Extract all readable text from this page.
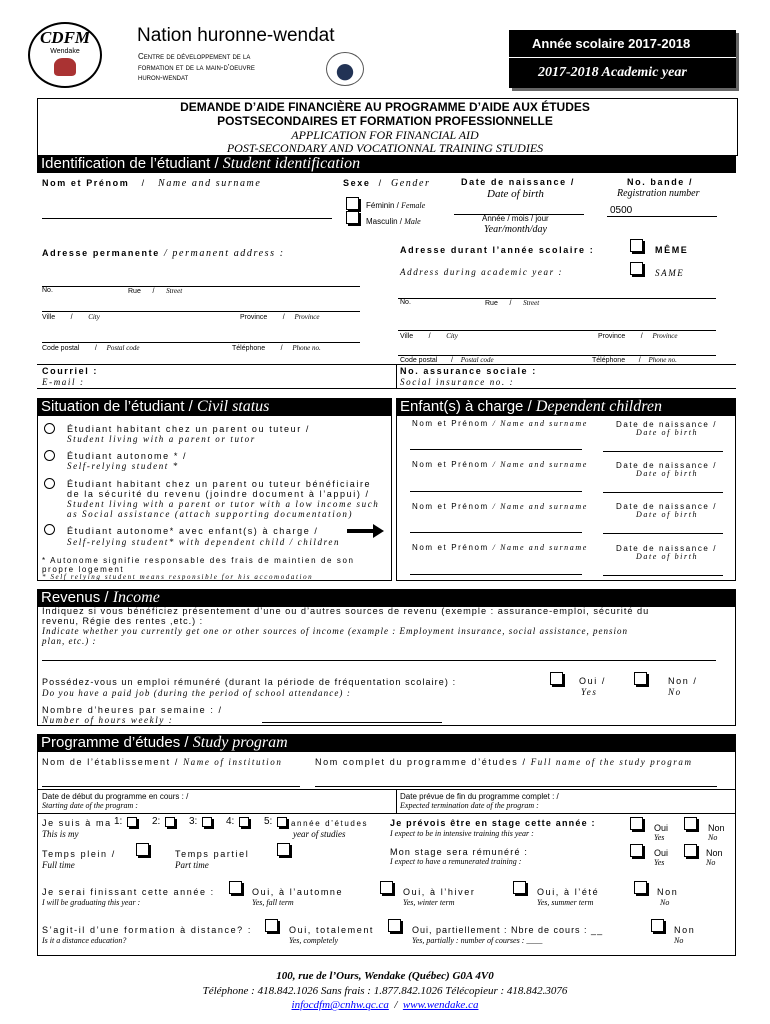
CDFM
Wendake
Nation huronne-wendat
Centre de développement de la
formation et de la main-d’oeuvre
huron-wendat
Année scolaire 2017-2018
2017-2018 Academic year
DEMANDE D’AIDE FINANCIÈRE AU PROGRAMME D’AIDE AUX ÉTUDES
POSTSECONDAIRES ET FORMATION PROFESSIONNELLE
APPLICATION FOR FINANCIAL AID
POST-SECONDARY AND VOCATIONNAL TRAINING STUDIES
Identification de l’étudiant / Student identification
Nom et Prénom / Name and surname	Sexe / Gender
Féminin / Female
Masculin / Male
Date de naissance /
Date of birth
Année / mois / jour
Year/month/day
No. bande /
Registration number
0500
Adresse permanente / permanent address :
No.	Rue / Street
Ville / City	Province / Province
Code postal / Postal code	Téléphone / Phone no.
Adresse durant l’année scolaire :
Address during academic year :
MÊME
SAME
No.	Rue / Street
Ville / City	Province / Province
Code postal / Postal code	Téléphone / Phone no.
Courriel :
E-mail :
No. assurance sociale :
Social insurance no. :
Situation de l’étudiant / Civil status
Étudiant habitant chez un parent ou tuteur /
Student living with a parent or tutor
Étudiant autonome * /
Self-relying student *
Étudiant habitant chez un parent ou tuteur bénéficiaire
de la sécurité du revenu (joindre document à l’appui) /
Student living with a parent or tutor with a low income such
as Social assistance (attach supporting documentation)
Étudiant autonome* avec enfant(s) à charge /
Self-relying student* with dependent child / children
* Autonome signifie responsable des frais de maintien de son
propre logement
* Self relying student means responsible for his accomodation
Enfant(s) à charge / Dependent children
Nom et Prénom / Name and surname	Date de naissance /
Date of birth
Nom et Prénom / Name and surname	Date de naissance /
Date of birth
Nom et Prénom / Name and surname	Date de naissance /
Date of birth
Nom et Prénom / Name and surname	Date de naissance /
Date of birth
Revenus / Income
Indiquez si vous bénéficiez présentement d’une ou d’autres sources de revenu (exemple : assurance-emploi, sécurité du
revenu, Régie des rentes ,etc.) :
Indicate whether you currently get one or other sources of income (example : Employment insurance, social assistance, pension
plan, etc.) :
Possédez-vous un emploi rémunéré (durant la période de fréquentation scolaire) :
Do you have a paid job (during the period of school attendance) :
Oui /
Yes
Non /
No
Nombre d’heures par semaine : /
Number of hours weekly :
Programme d’études / Study program
Nom de l’établissement / Name of institution	Nom complet du programme d’études / Full name of the study program
Date de début du programme en cours : /
Starting date of the program :
Date prévue de fin du programme complet : /
Expected termination date of the program :
Je suis à ma
This is my
1:	2:	3:	4:	5: année d’études
year of studies
Je prévois être en stage cette année :
I expect to be in intensive training this year :
Oui
Yes
Non
No
Temps plein /
Full time
Temps partiel
Part time
Mon stage sera rémunéré :
I expect to have a remunerated training :
Oui
Yes
Non
No
Je serai finissant cette année :
I will be graduating this year :
Oui, à l’automne
Yes, fall term
Oui, à l’hiver
Yes, winter term
Oui, à l’été
Yes, summer term
Non
No
S’agit-il d’une formation à distance? :
Is it a distance education?
Oui, totalement
Yes, completely
Oui, partiellement : Nbre de cours : __
Yes, partially : number of courses : ____
Non
No
100, rue de l’Ours, Wendake (Québec) G0A 4V0
Téléphone : 418.842.1026 Sans frais : 1.877.842.1026 Télécopieur : 418.842.3076
infocdfm@cnhw.qc.ca / www.wendake.ca
